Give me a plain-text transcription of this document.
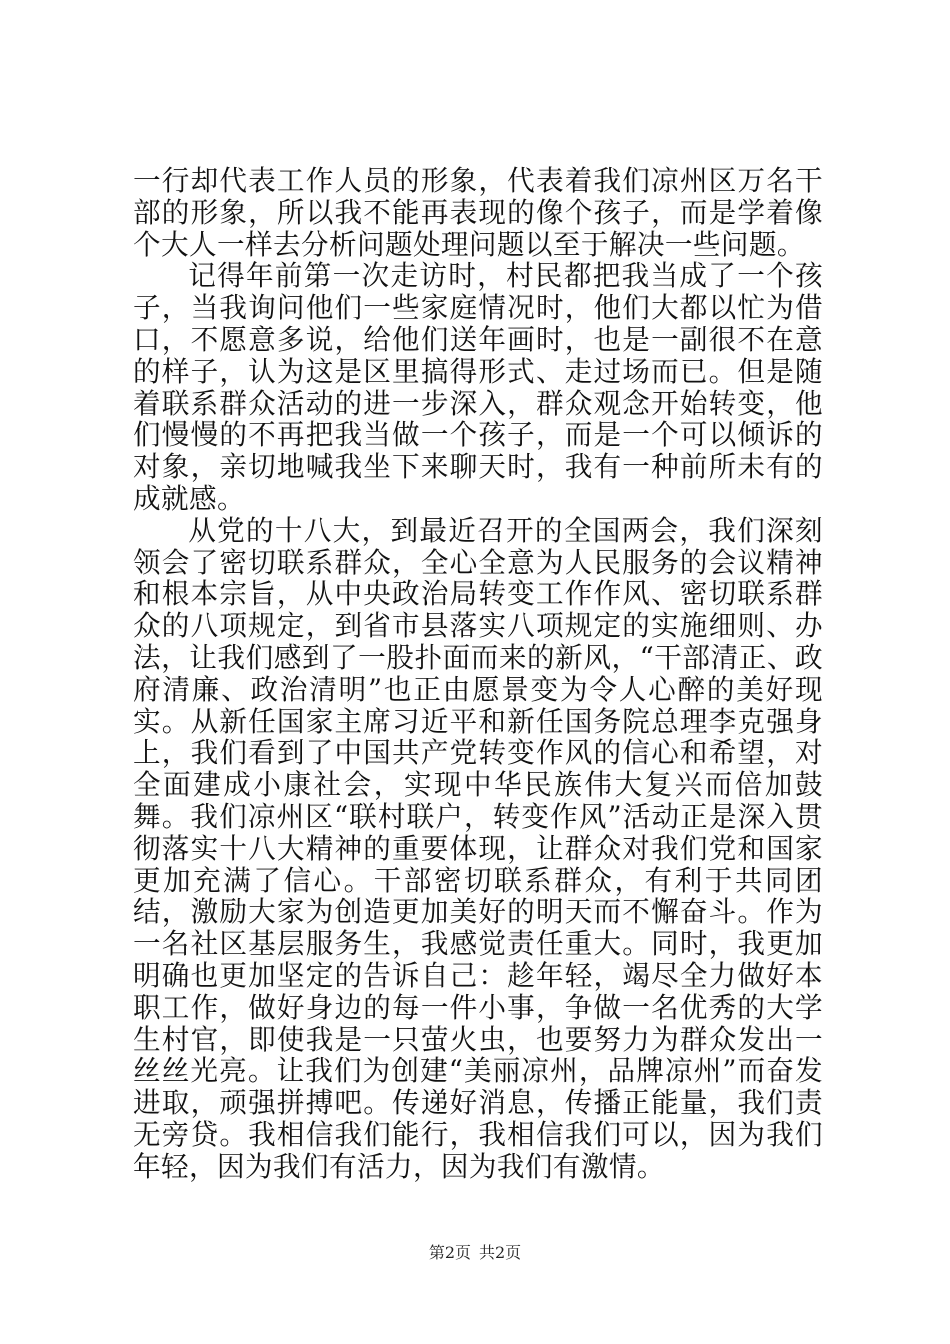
一行却代表工作人员的形象，代表着我们凉州区万名干部的形象，所以我不能再表现的像个孩子，而是学着像个大人一样去分析问题处理问题以至于解决一些问题。

记得年前第一次走访时，村民都把我当成了一个孩子，当我询问他们一些家庭情况时，他们大都以忙为借口，不愿意多说，给他们送年画时，也是一副很不在意的样子，认为这是区里搞得形式、走过场而已。但是随着联系群众活动的进一步深入，群众观念开始转变，他们慢慢的不再把我当做一个孩子，而是一个可以倾诉的对象，亲切地喊我坐下来聊天时，我有一种前所未有的成就感。

从党的十八大，到最近召开的全国两会，我们深刻领会了密切联系群众，全心全意为人民服务的会议精神和根本宗旨，从中央政治局转变工作作风、密切联系群众的八项规定，到省市县落实八项规定的实施细则、办法，让我们感到了一股扑面而来的新风，“干部清正、政府清廉、政治清明”也正由愿景变为令人心醉的美好现实。从新任国家主席习近平和新任国务院总理李克强身上，我们看到了中国共产党转变作风的信心和希望，对全面建成小康社会，实现中华民族伟大复兴而倍加鼓舞。我们凉州区“联村联户，转变作风”活动正是深入贯彻落实十八大精神的重要体现，让群众对我们党和国家更加充满了信心。干部密切联系群众，有利于共同团结，激励大家为创造更加美好的明天而不懈奋斗。作为一名社区基层服务生，我感觉责任重大。同时，我更加明确也更加坚定的告诉自己：趁年轻，竭尽全力做好本职工作，做好身边的每一件小事，争做一名优秀的大学生村官，即使我是一只萤火虫，也要努力为群众发出一丝丝光亮。让我们为创建“美丽凉州，品牌凉州”而奋发进取，顽强拼搏吧。传递好消息，传播正能量，我们责无旁贷。我相信我们能行，我相信我们可以，因为我们年轻，因为我们有活力，因为我们有激情。

第2页 共2页
